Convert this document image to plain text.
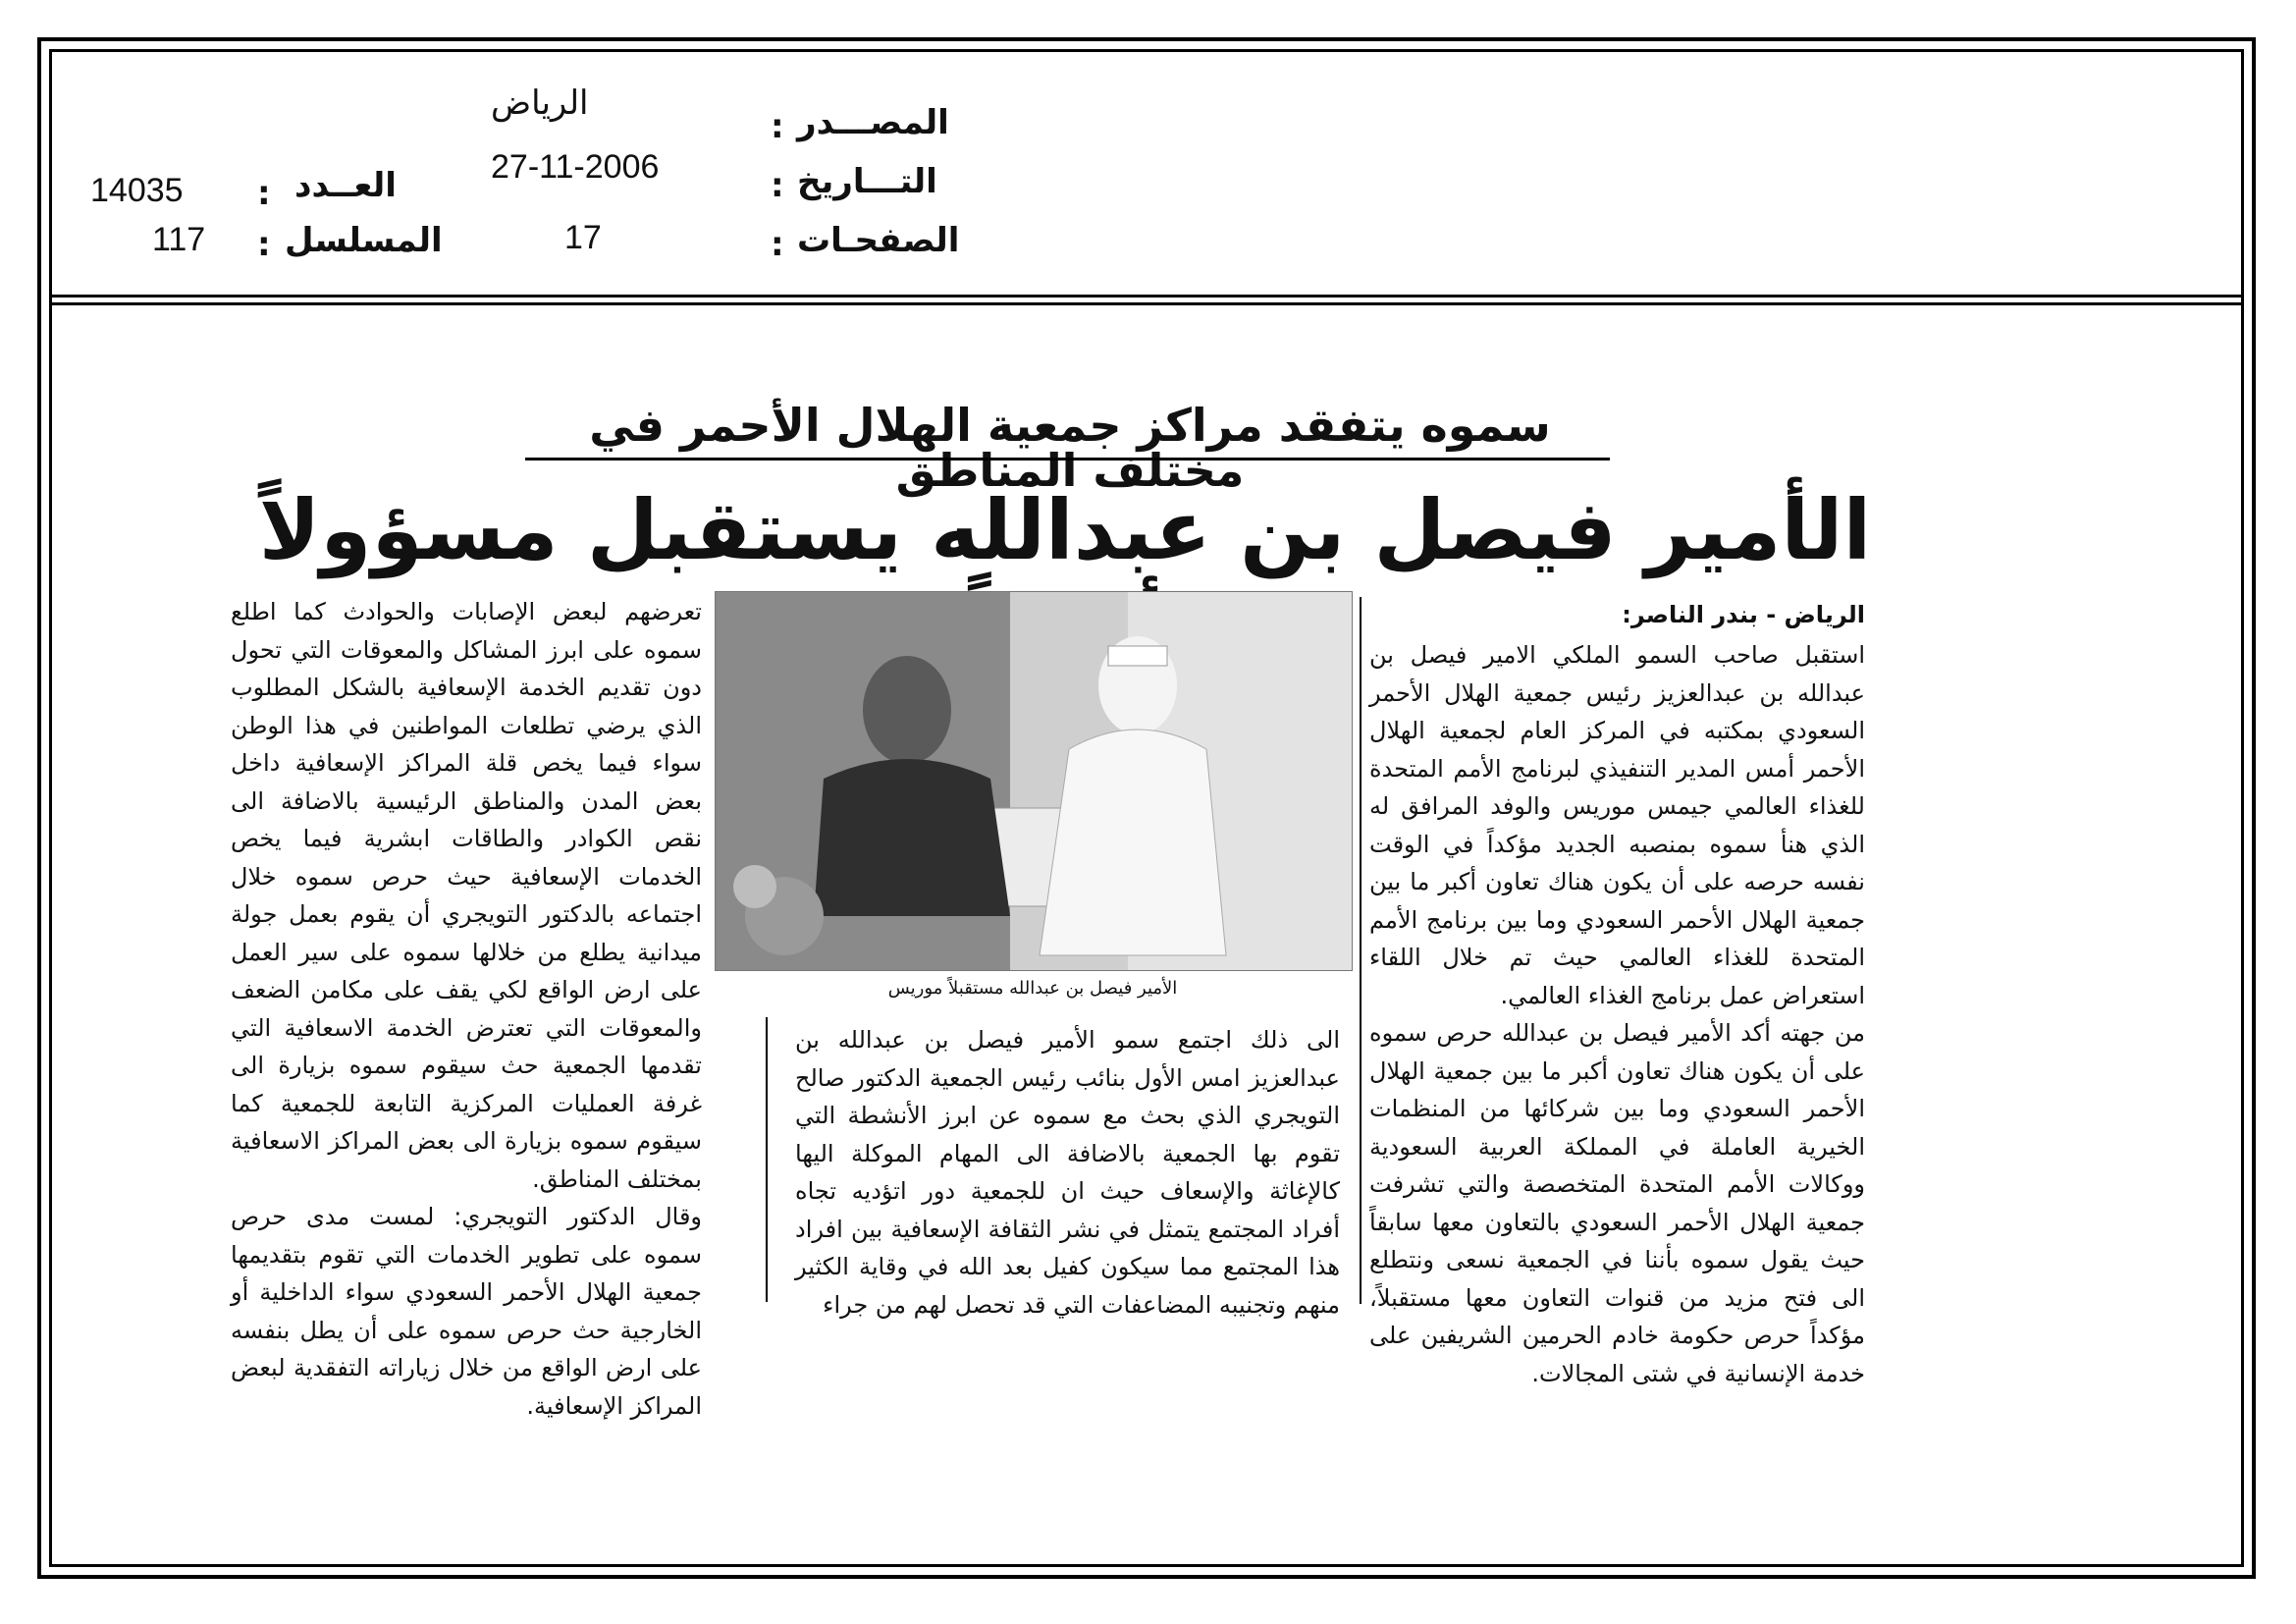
الرياض
: المصـــدر
27-11-2006	: التـــاريخ
17	: الصفحـات
14035 : العــدد
117 : المسلسل
سموه يتفقد مراكز جمعية الهلال الأحمر في مختلف المناطق
الأمير فيصل بن عبدالله يستقبل مسؤولاً
الرياض - بندر الناصر:
استقبل صاحب السمو الملكي الامير فيصل بن عبدالله بن عبدالعزيز رئيس جمعية الهلال الأحمر السعودي بمكتبه في المركز العام لجمعية الهلال الأحمر أمس المدير التنفيذي لبرنامج الأمم المتحدة للغذاء العالمي جيمس موريس والوفد المرافق له الذي هنأ سموه بمنصبه الجديد مؤكداً في الوقت نفسه حرصه على أن يكون هناك تعاون أكبر ما بين جمعية الهلال الأحمر السعودي وما بين برنامج الأمم المتحدة للغذاء العالمي حيث تم خلال اللقاء استعراض عمل برنامج الغذاء العالمي.
من جهته أكد الأمير فيصل بن عبدالله حرص سموه على أن يكون هناك تعاون أكبر ما بين جمعية الهلال الأحمر السعودي وما بين شركائها من المنظمات الخيرية العاملة في المملكة العربية السعودية ووكالات الأمم المتحدة المتخصصة والتي تشرفت جمعية الهلال الأحمر السعودي بالتعاون معها سابقاً حيث يقول سموه بأننا في الجمعية نسعى ونتطلع الى فتح مزيد من قنوات التعاون معها مستقبلاً، مؤكداً حرص حكومة خادم الحرمين الشريفين على خدمة الإنسانية في شتى المجالات.
الأمير فيصل بن عبدالله مستقبلاً موريس
الى ذلك اجتمع سمو الأمير فيصل بن عبدالله بن عبدالعزيز امس الأول بنائب رئيس الجمعية الدكتور صالح التويجري الذي بحث مع سموه عن ابرز الأنشطة التي تقوم بها الجمعية بالاضافة الى المهام الموكلة اليها كالإغاثة والإسعاف حيث ان للجمعية دور اتؤديه تجاه أفراد المجتمع يتمثل في نشر الثقافة الإسعافية بين افراد هذا المجتمع مما سيكون كفيل بعد الله في وقاية الكثير منهم وتجنيبه المضاعفات التي قد تحصل لهم من جراء
تعرضهم لبعض الإصابات والحوادث كما اطلع سموه على ابرز المشاكل والمعوقات التي تحول دون تقديم الخدمة الإسعافية بالشكل المطلوب الذي يرضي تطلعات المواطنين في هذا الوطن سواء فيما يخص قلة المراكز الإسعافية داخل بعض المدن والمناطق الرئيسية بالاضافة الى نقص الكوادر والطاقات ابشرية فيما يخص الخدمات الإسعافية حيث حرص سموه خلال اجتماعه بالدكتور التويجري أن يقوم بعمل جولة ميدانية يطلع من خلالها سموه على سير العمل على ارض الواقع لكي يقف على مكامن الضعف والمعوقات التي تعترض الخدمة الاسعافية التي تقدمها الجمعية حث سيقوم سموه بزيارة الى غرفة العمليات المركزية التابعة للجمعية كما سيقوم سموه بزيارة الى بعض المراكز الاسعافية بمختلف المناطق.
وقال الدكتور التويجري: لمست مدى حرص سموه على تطوير الخدمات التي تقوم بتقديمها جمعية الهلال الأحمر السعودي سواء الداخلية أو الخارجية حث حرص سموه على أن يطل بنفسه على ارض الواقع من خلال زياراته التفقدية لبعض المراكز الإسعافية.
